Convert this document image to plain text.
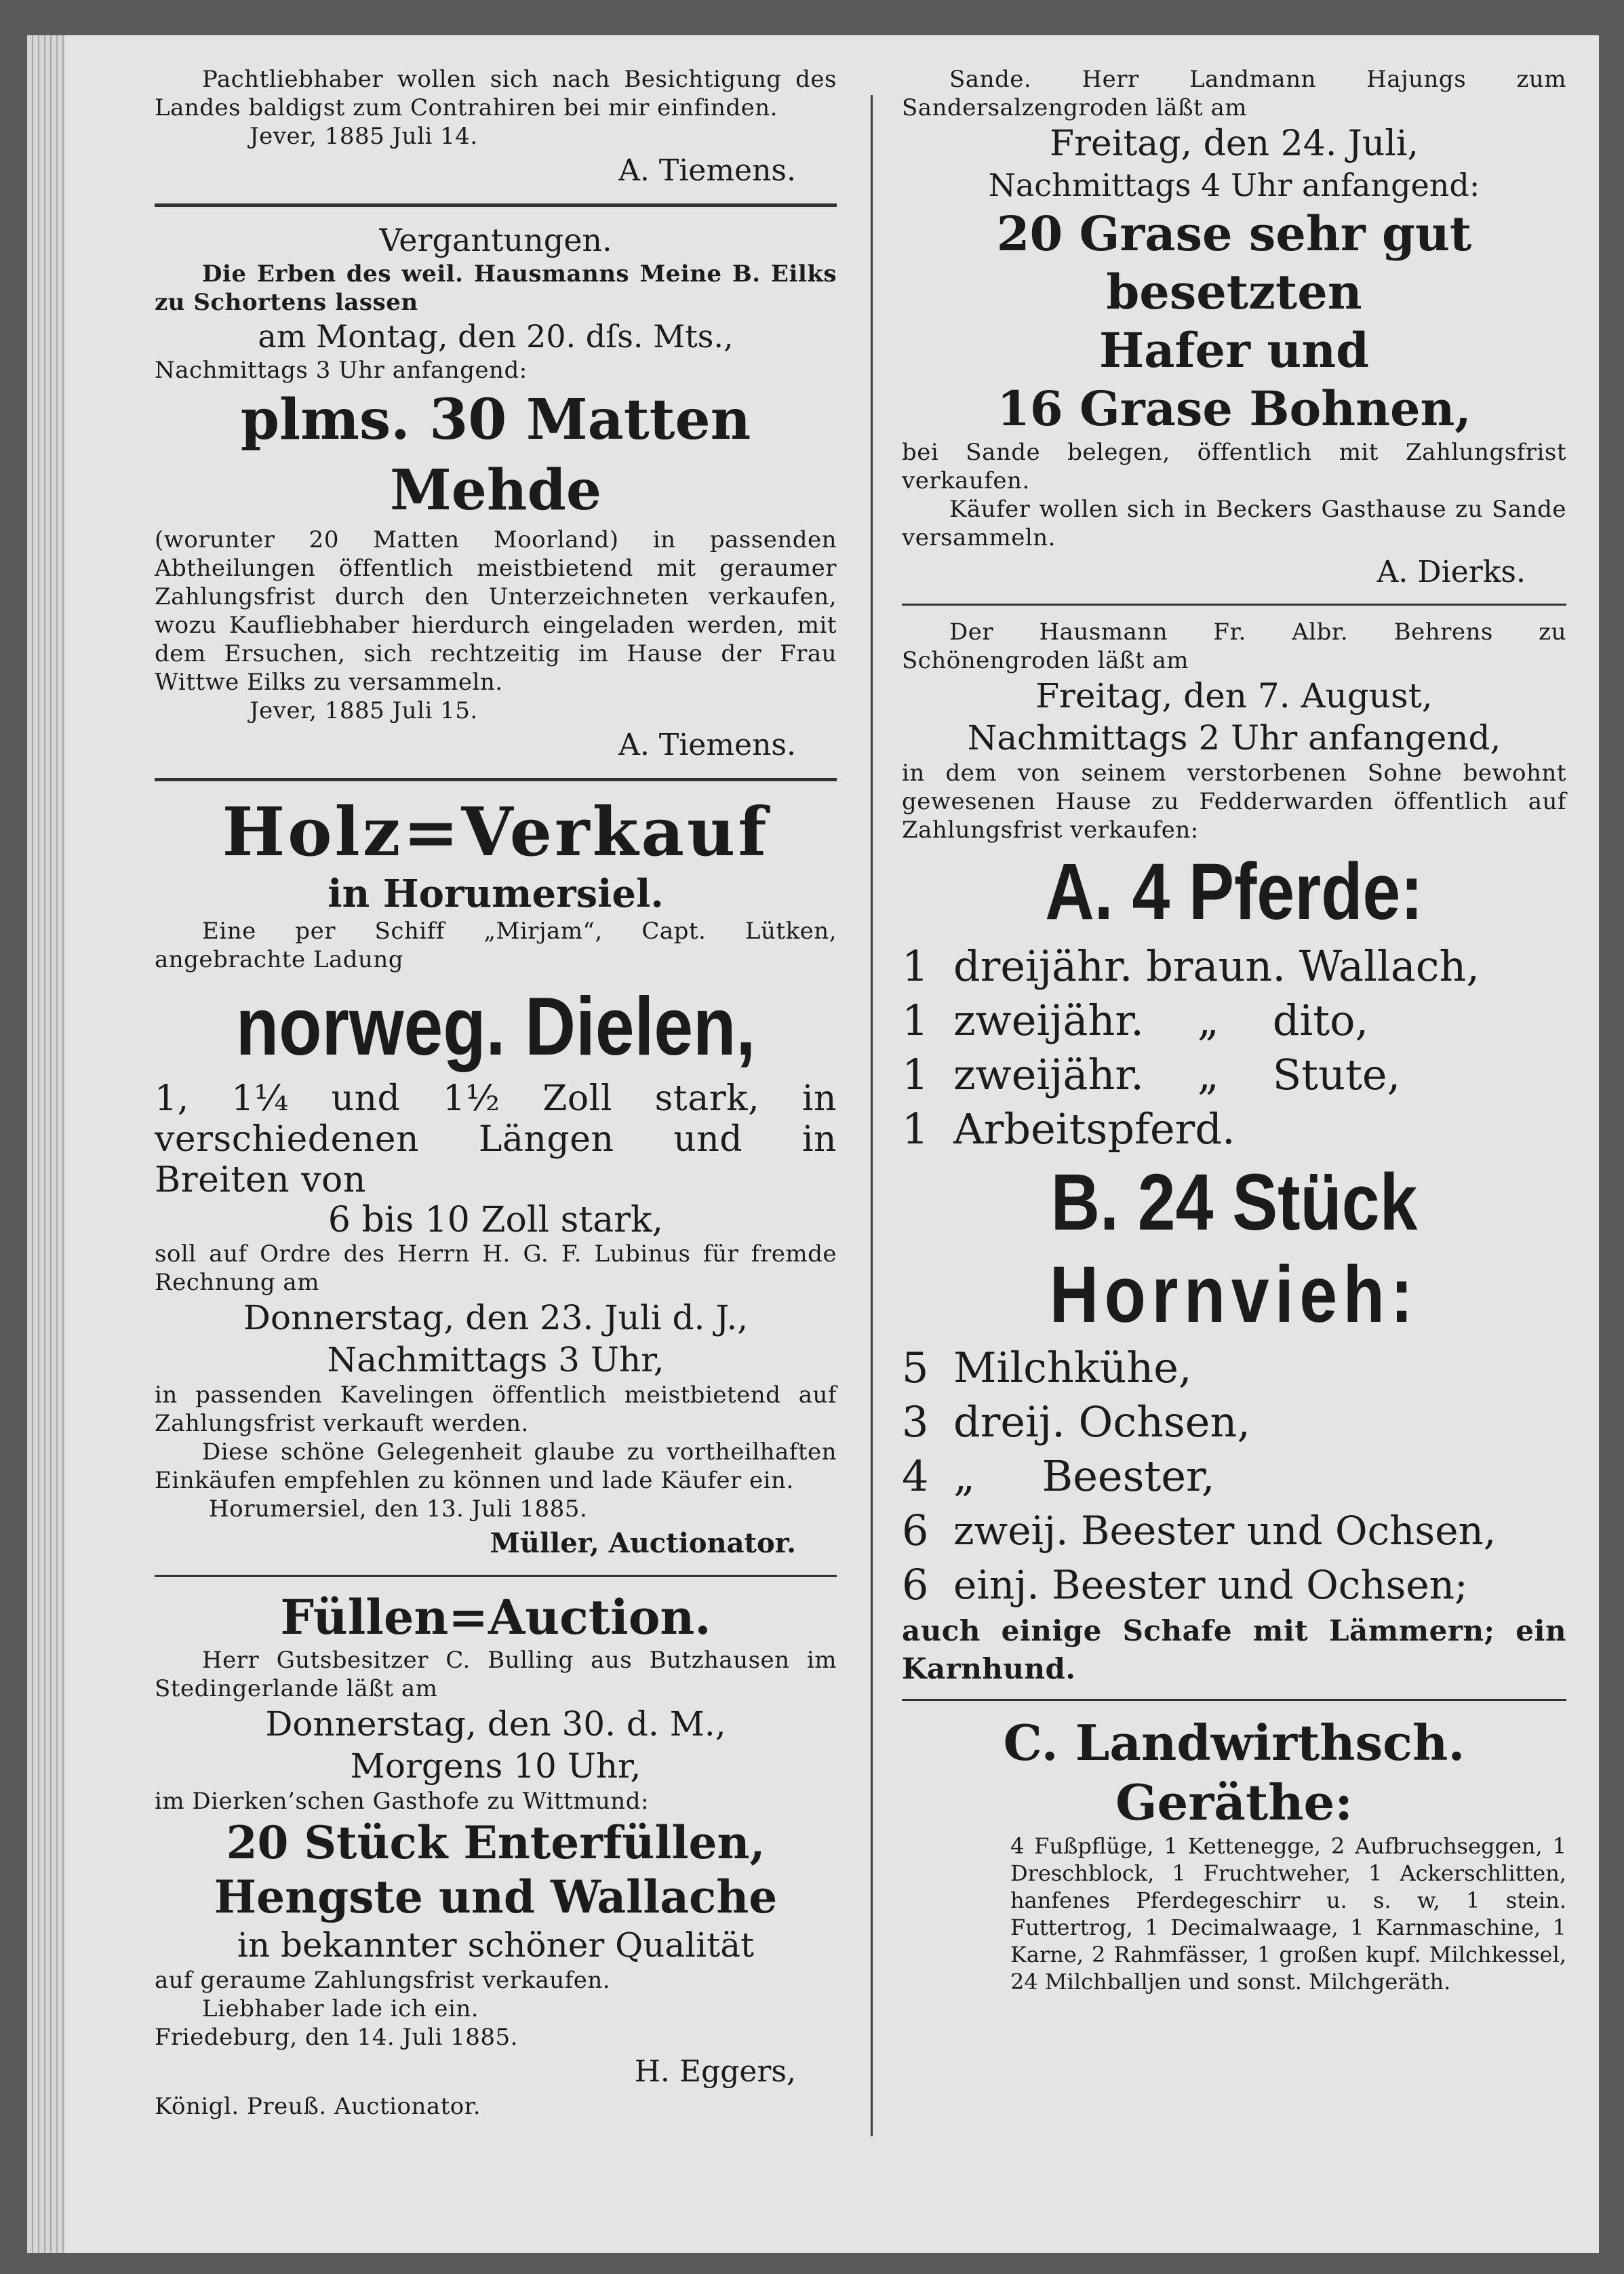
Pachtliebhaber wollen sich nach Besichtigung des Landes baldigst zum Contrahiren bei mir einfinden.

Jever, 1885 Juli 14.

A. Tiemens.

Vergantungen.

Die Erben des weil. Hausmanns Meine B. Eilks zu Schortens lassen

am Montag, den 20. dſs. Mts.,

Nachmittags 3 Uhr anfangend:

plms. 30 Matten Mehde

(worunter 20 Matten Moorland) in passenden Abtheilungen öffentlich meistbietend mit geraumer Zahlungsfrist durch den Unterzeichneten verkaufen, wozu Kaufliebhaber hierdurch eingeladen werden, mit dem Ersuchen, sich rechtzeitig im Hause der Frau Wittwe Eilks zu versammeln.

Jever, 1885 Juli 15.

A. Tiemens.

Holz=Verkauf

in Horumersiel.

Eine per Schiff „Mirjam“, Capt. Lütken, angebrachte Ladung

norweg. Dielen,

1, 1¼ und 1½ Zoll stark, in verschiedenen Längen und in Breiten von

6 bis 10 Zoll stark,

soll auf Ordre des Herrn H. G. F. Lubinus für fremde Rechnung am

Donnerstag, den 23. Juli d. J.,

Nachmittags 3 Uhr,

in passenden Kavelingen öffentlich meistbietend auf Zahlungsfrist verkauft werden.

Diese schöne Gelegenheit glaube zu vortheilhaften Einkäufen empfehlen zu können und lade Käufer ein.

Horumersiel, den 13. Juli 1885.

Müller, Auctionator.

Füllen=Auction.

Herr Gutsbesitzer C. Bulling aus Butzhausen im Stedingerlande läßt am

Donnerstag, den 30. d. M.,

Morgens 10 Uhr,

im Dierken’schen Gasthofe zu Wittmund:

20 Stück Enterfüllen,

Hengste und Wallache

in bekannter schöner Qualität

auf geraume Zahlungsfrist verkaufen.

Liebhaber lade ich ein.

Friedeburg, den 14. Juli 1885.

H. Eggers,

Königl. Preuß. Auctionator.

Sande. Herr Landmann Hajungs zum Sandersalzengroden läßt am

Freitag, den 24. Juli,

Nachmittags 4 Uhr anfangend:

20 Grase sehr gut besetzten

Hafer und

16 Grase Bohnen,

bei Sande belegen, öffentlich mit Zahlungsfrist verkaufen.

Käufer wollen sich in Beckers Gasthause zu Sande versammeln.

A. Dierks.

Der Hausmann Fr. Albr. Behrens zu Schönengroden läßt am

Freitag, den 7. August,

Nachmittags 2 Uhr anfangend,

in dem von seinem verstorbenen Sohne bewohnt gewesenen Hause zu Fedderwarden öffentlich auf Zahlungsfrist verkaufen:

A. 4 Pferde:

1 dreijähr. braun. Wallach,
1 zweijähr.    „    dito,
1 zweijähr.    „    Stute,
1 Arbeitspferd.

B. 24 Stück

Hornvieh:

5 Milchkühe,
3 dreij. Ochsen,
4 „     Beester,
6 zweij. Beester und Ochsen,
6 einj. Beester und Ochsen;

auch einige Schafe mit Lämmern; ein Karnhund.

C. Landwirthsch. Geräthe:

4 Fußpflüge, 1 Kettenegge, 2 Aufbruchseggen, 1 Dreschblock, 1 Fruchtweher, 1 Ackerschlitten, hanfenes Pferdegeschirr u. s. w, 1 stein. Futtertrog, 1 Decimalwaage, 1 Karnmaschine, 1 Karne, 2 Rahmfässer, 1 großen kupf. Milchkessel, 24 Milchballjen und sonst. Milchgeräth.
